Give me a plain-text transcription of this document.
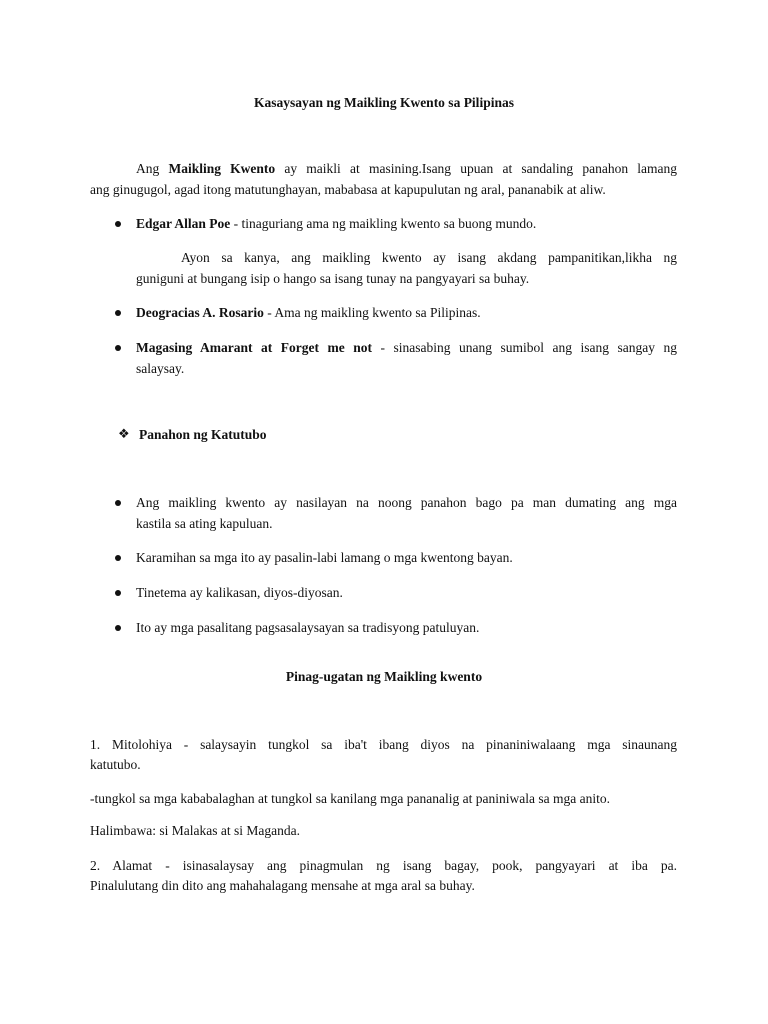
Kasaysayan ng Maikling Kwento sa Pilipinas
Ang Maikling Kwento ay maikli at masining.Isang upuan at sandaling panahon lamang
ang ginugugol, agad itong matutunghayan, mababasa at kapupulutan ng aral, pananabik at aliw.
Edgar Allan Poe - tinaguriang ama ng maikling kwento sa buong mundo.
Ayon sa kanya, ang maikling kwento ay isang akdang pampanitikan,likha ng
guniguni at bungang isip o hango sa isang tunay na pangyayari sa buhay.
Deogracias A. Rosario - Ama ng maikling kwento sa Pilipinas.
Magasing Amarant at Forget me not - sinasabing unang sumibol ang isang sangay ng
salaysay.
❖ Panahon ng Katutubo
Ang maikling kwento ay nasilayan na noong panahon bago pa man dumating ang mga
kastila sa ating kapuluan.
Karamihan sa mga ito ay pasalin-labi lamang o mga kwentong bayan.
Tinetema ay kalikasan, diyos-diyosan.
Ito ay mga pasalitang pagsasalaysayan sa tradisyong patuluyan.
Pinag-ugatan ng Maikling kwento
1. Mitolohiya - salaysayin tungkol sa iba't ibang diyos na pinaniniwalaang mga sinaunang
katutubo.
-tungkol sa mga kababalaghan at tungkol sa kanilang mga pananalig at paniniwala sa mga anito.
Halimbawa: si Malakas at si Maganda.
2. Alamat - isinasalaysay ang pinagmulan ng isang bagay, pook, pangyayari at iba pa.
Pinalulutang din dito ang mahahalagang mensahe at mga aral sa buhay.
